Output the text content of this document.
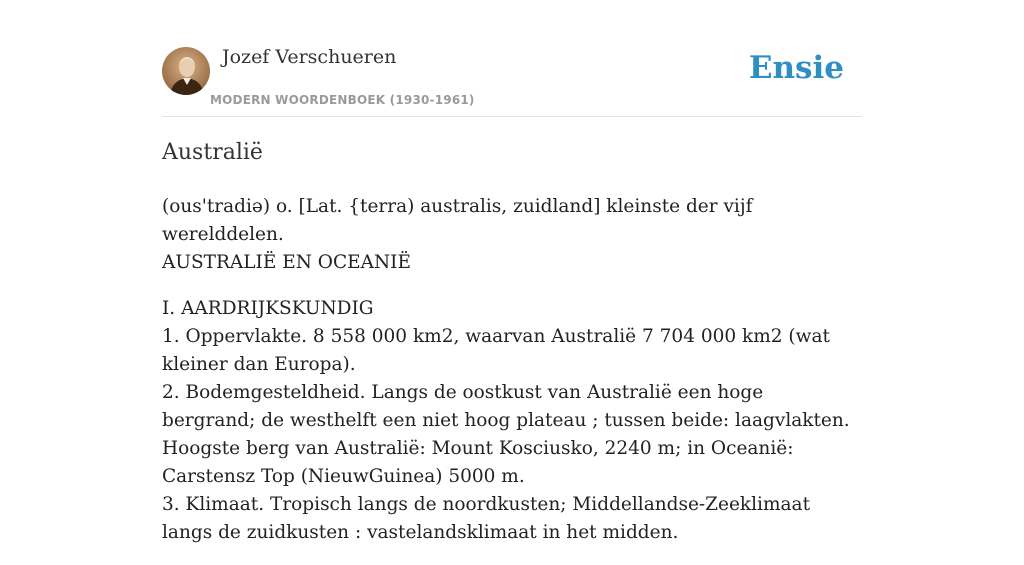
Jozef Verschueren
MODERN WOORDENBOEK (1930-1961)
Ensie
Australië

(ous'tradiə) o. [Lat. {terra) australis, zuidland] kleinste der vijf werelddelen.
AUSTRALIË EN OCEANIË

I. AARDRIJKSKUNDIG
1. Oppervlakte. 8 558 000 km2, waarvan Australië 7 704 000 km2 (wat kleiner dan Europa).
2. Bodemgesteldheid. Langs de oostkust van Australië een hoge bergrand; de westhelft een niet hoog plateau ; tussen beide: laagvlakten. Hoogste berg van Australië: Mount Kosciusko, 2240 m; in Oceanië: Carstensz Top (NieuwGuinea) 5000 m.
3. Klimaat. Tropisch langs de noordkusten; Middellandse-Zeeklimaat langs de zuidkusten : vastelandsklimaat in het midden.
